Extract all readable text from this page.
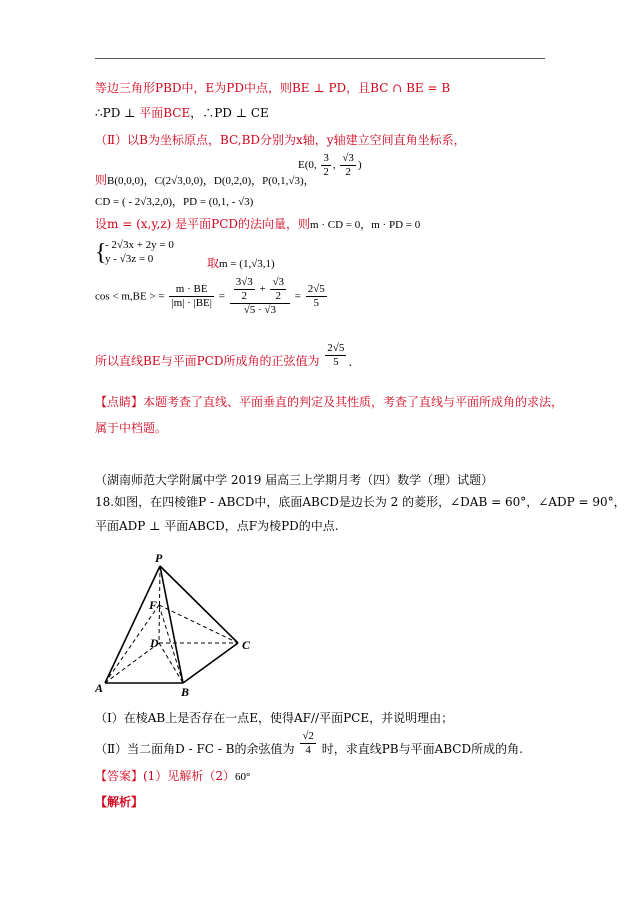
等边三角形PBD中，E为PD中点，则BE ⊥ PD，且BC ∩ BE = B
∴PD ⊥ 平面BCE，∴PD ⊥ CE
（Ⅱ）以B为坐标原点，BC,BD分别为x轴，y轴建立空间直角坐标系，
E(0, $\frac{3}{2}$ , $\frac{√3}{2}$ )
则B(0,0,0)，C(2√3,0,0)，D(0,2,0)，P(0,1,√3)，
CD = ( - 2√3,2,0)，PD = (0,1, - √3)
设m = (x,y,z) 是平面PCD的法向量，则m · CD = 0，m · PD = 0
{
- 2√3x + 2y = 0
y - √3z = 0	取m = (1,√3,1)
cos < m,BE > = $\frac{m \cdot BE}{|m| \cdot |BE|} = \frac{\frac{3√3}{2} + \frac{√3}{2}}{√5 \cdot √3} = \frac{2√5}{5}$
所以直线BE与平面PCD所成角的正弦值为 $\frac{2√5}{5}$ .
【点睛】本题考查了直线、平面垂直的判定及其性质，考查了直线与平面所成角的求法，
属于中档题。
（湖南师范大学附属中学 2019 届高三上学期月考（四）数学（理）试题）
18.如图，在四棱锥P - ABCD中，底面ABCD是边长为 2 的菱形，∠DAB = 60°，∠ADP = 90°，
平面ADP ⊥ 平面ABCD，点F为棱PD的中点.
P
F
D	C
A	B
（Ⅰ）在棱AB上是否存在一点E，使得AF//平面PCE，并说明理由；
（Ⅱ）当二面角D - FC - B的余弦值为 $\frac{√2}{4}$ 时，求直线PB与平面ABCD所成的角.
【答案】(1）见解析（2）60°
【解析】
